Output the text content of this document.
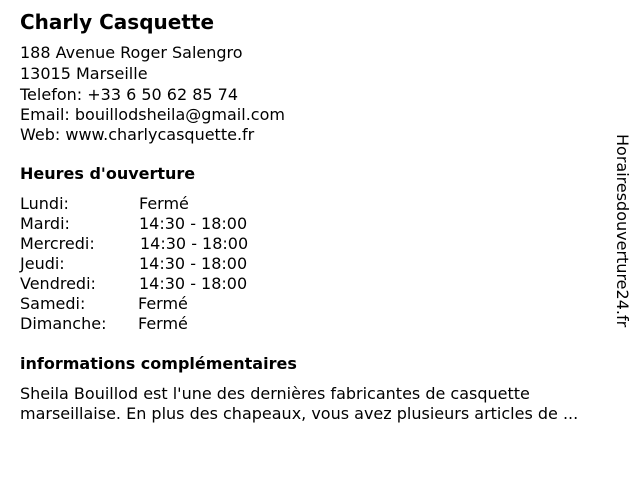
Charly Casquette
188 Avenue Roger Salengro
13015 Marseille
Telefon: +33 6 50 62 85 74
Email: bouillodsheila@gmail.com
Web: www.charlycasquette.fr
Heures d'ouverture
Lundi:	Fermé
Mardi:	14:30 - 18:00
Mercredi:	14:30 - 18:00
Jeudi:	14:30 - 18:00
Vendredi:	14:30 - 18:00
Samedi:	Fermé
Dimanche: Fermé
informations complémentaires
Sheila Bouillod est l'une des dernières fabricantes de casquette
marseillaise. En plus des chapeaux, vous avez plusieurs articles de ...
Horairesdouverture24.fr
